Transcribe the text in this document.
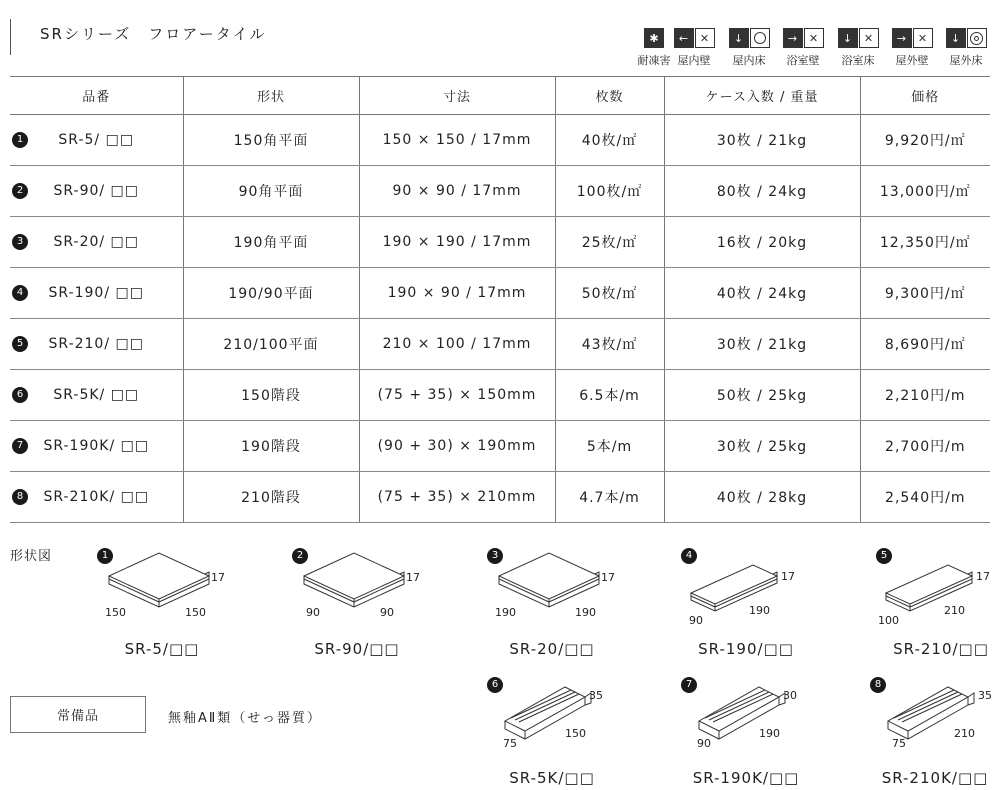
SRシリーズ　フロアータイル	✱
耐凍害
←	✕
屋内壁
↓
屋内床
→	✕
浴室壁
↓	✕
浴室床
→	✕
屋外壁
↓
屋外床
品番	形状	寸法	枚数	ケース入数 / 重量	価格

1 SR-5/ □□	150角平面	150 × 150 / 17mm	40枚/㎡	30枚 / 21kg	9,920円/㎡

2 SR-90/ □□	90角平面	90 × 90 / 17mm	100枚/㎡	80枚 / 24kg	13,000円/㎡

3 SR-20/ □□	190角平面	190 × 190 / 17mm	25枚/㎡	16枚 / 20kg	12,350円/㎡

4 SR-190/ □□	190/90平面	190 × 90 / 17mm	50枚/㎡	40枚 / 24kg	9,300円/㎡

5 SR-210/ □□	210/100平面	210 × 100 / 17mm	43枚/㎡	30枚 / 21kg	8,690円/㎡

6 SR-5K/ □□	150階段	(75 + 35) × 150mm	6.5本/m	50枚 / 25kg	2,210円/m

7 SR-190K/ □□	190階段	(90 + 30) × 190mm	5本/m	30枚 / 25kg	2,700円/m

8 SR-210K/ □□	210階段	(75 + 35) × 210mm	4.7本/m	40枚 / 28kg	2,540円/m
形状図	1
150	150
17
SR-5/□□
2
90	90
17
SR-90/□□
3
190	190
17
SR-20/□□
4
90
190
17
SR-190/□□
5
100
210
17
SR-210/□□
6
75
150
35
SR-5K/□□
7
90
190
30
SR-190K/□□
8
75
210
35
SR-210K/□□
常備品	無釉AⅡ類（せっ器質）
